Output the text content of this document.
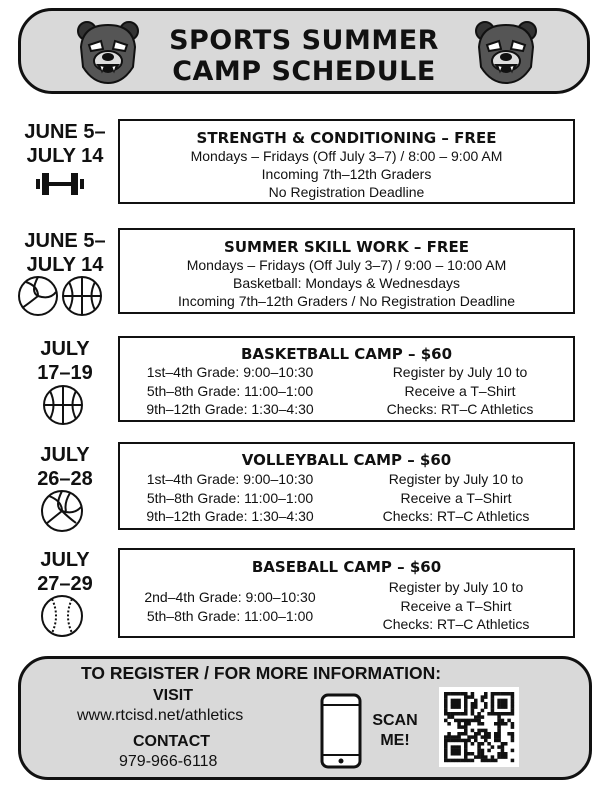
SPORTS SUMMER
CAMP SCHEDULE
JUNE 5–
JULY 14
STRENGTH & CONDITIONING – FREE
Mondays – Fridays (Off July 3–7) / 8:00 – 9:00 AM
Incoming 7th–12th Graders
No Registration Deadline
JUNE 5–
JULY 14
SUMMER SKILL WORK – FREE
Mondays – Fridays (Off July 3–7) / 9:00 – 10:00 AM
Basketball: Mondays & Wednesdays
Incoming 7th–12th Graders / No Registration Deadline
JULY
17–19
BASKETBALL CAMP – $60
1st–4th Grade: 9:00–10:30
5th–8th Grade: 11:00–1:00
9th–12th Grade: 1:30–4:30
Register by July 10 to
Receive a T–Shirt
Checks: RT–C Athletics
JULY
26–28
VOLLEYBALL CAMP – $60
1st–4th Grade: 9:00–10:30
5th–8th Grade: 11:00–1:00
9th–12th Grade: 1:30–4:30
Register by July 10 to
Receive a T–Shirt
Checks: RT–C Athletics
JULY
27–29
BASEBALL CAMP – $60
2nd–4th Grade: 9:00–10:30
5th–8th Grade: 11:00–1:00
Register by July 10 to
Receive a T–Shirt
Checks: RT–C Athletics
TO REGISTER / FOR MORE INFORMATION:
VISIT
www.rtcisd.net/athletics
CONTACT
979-966-6118
SCAN
ME!
